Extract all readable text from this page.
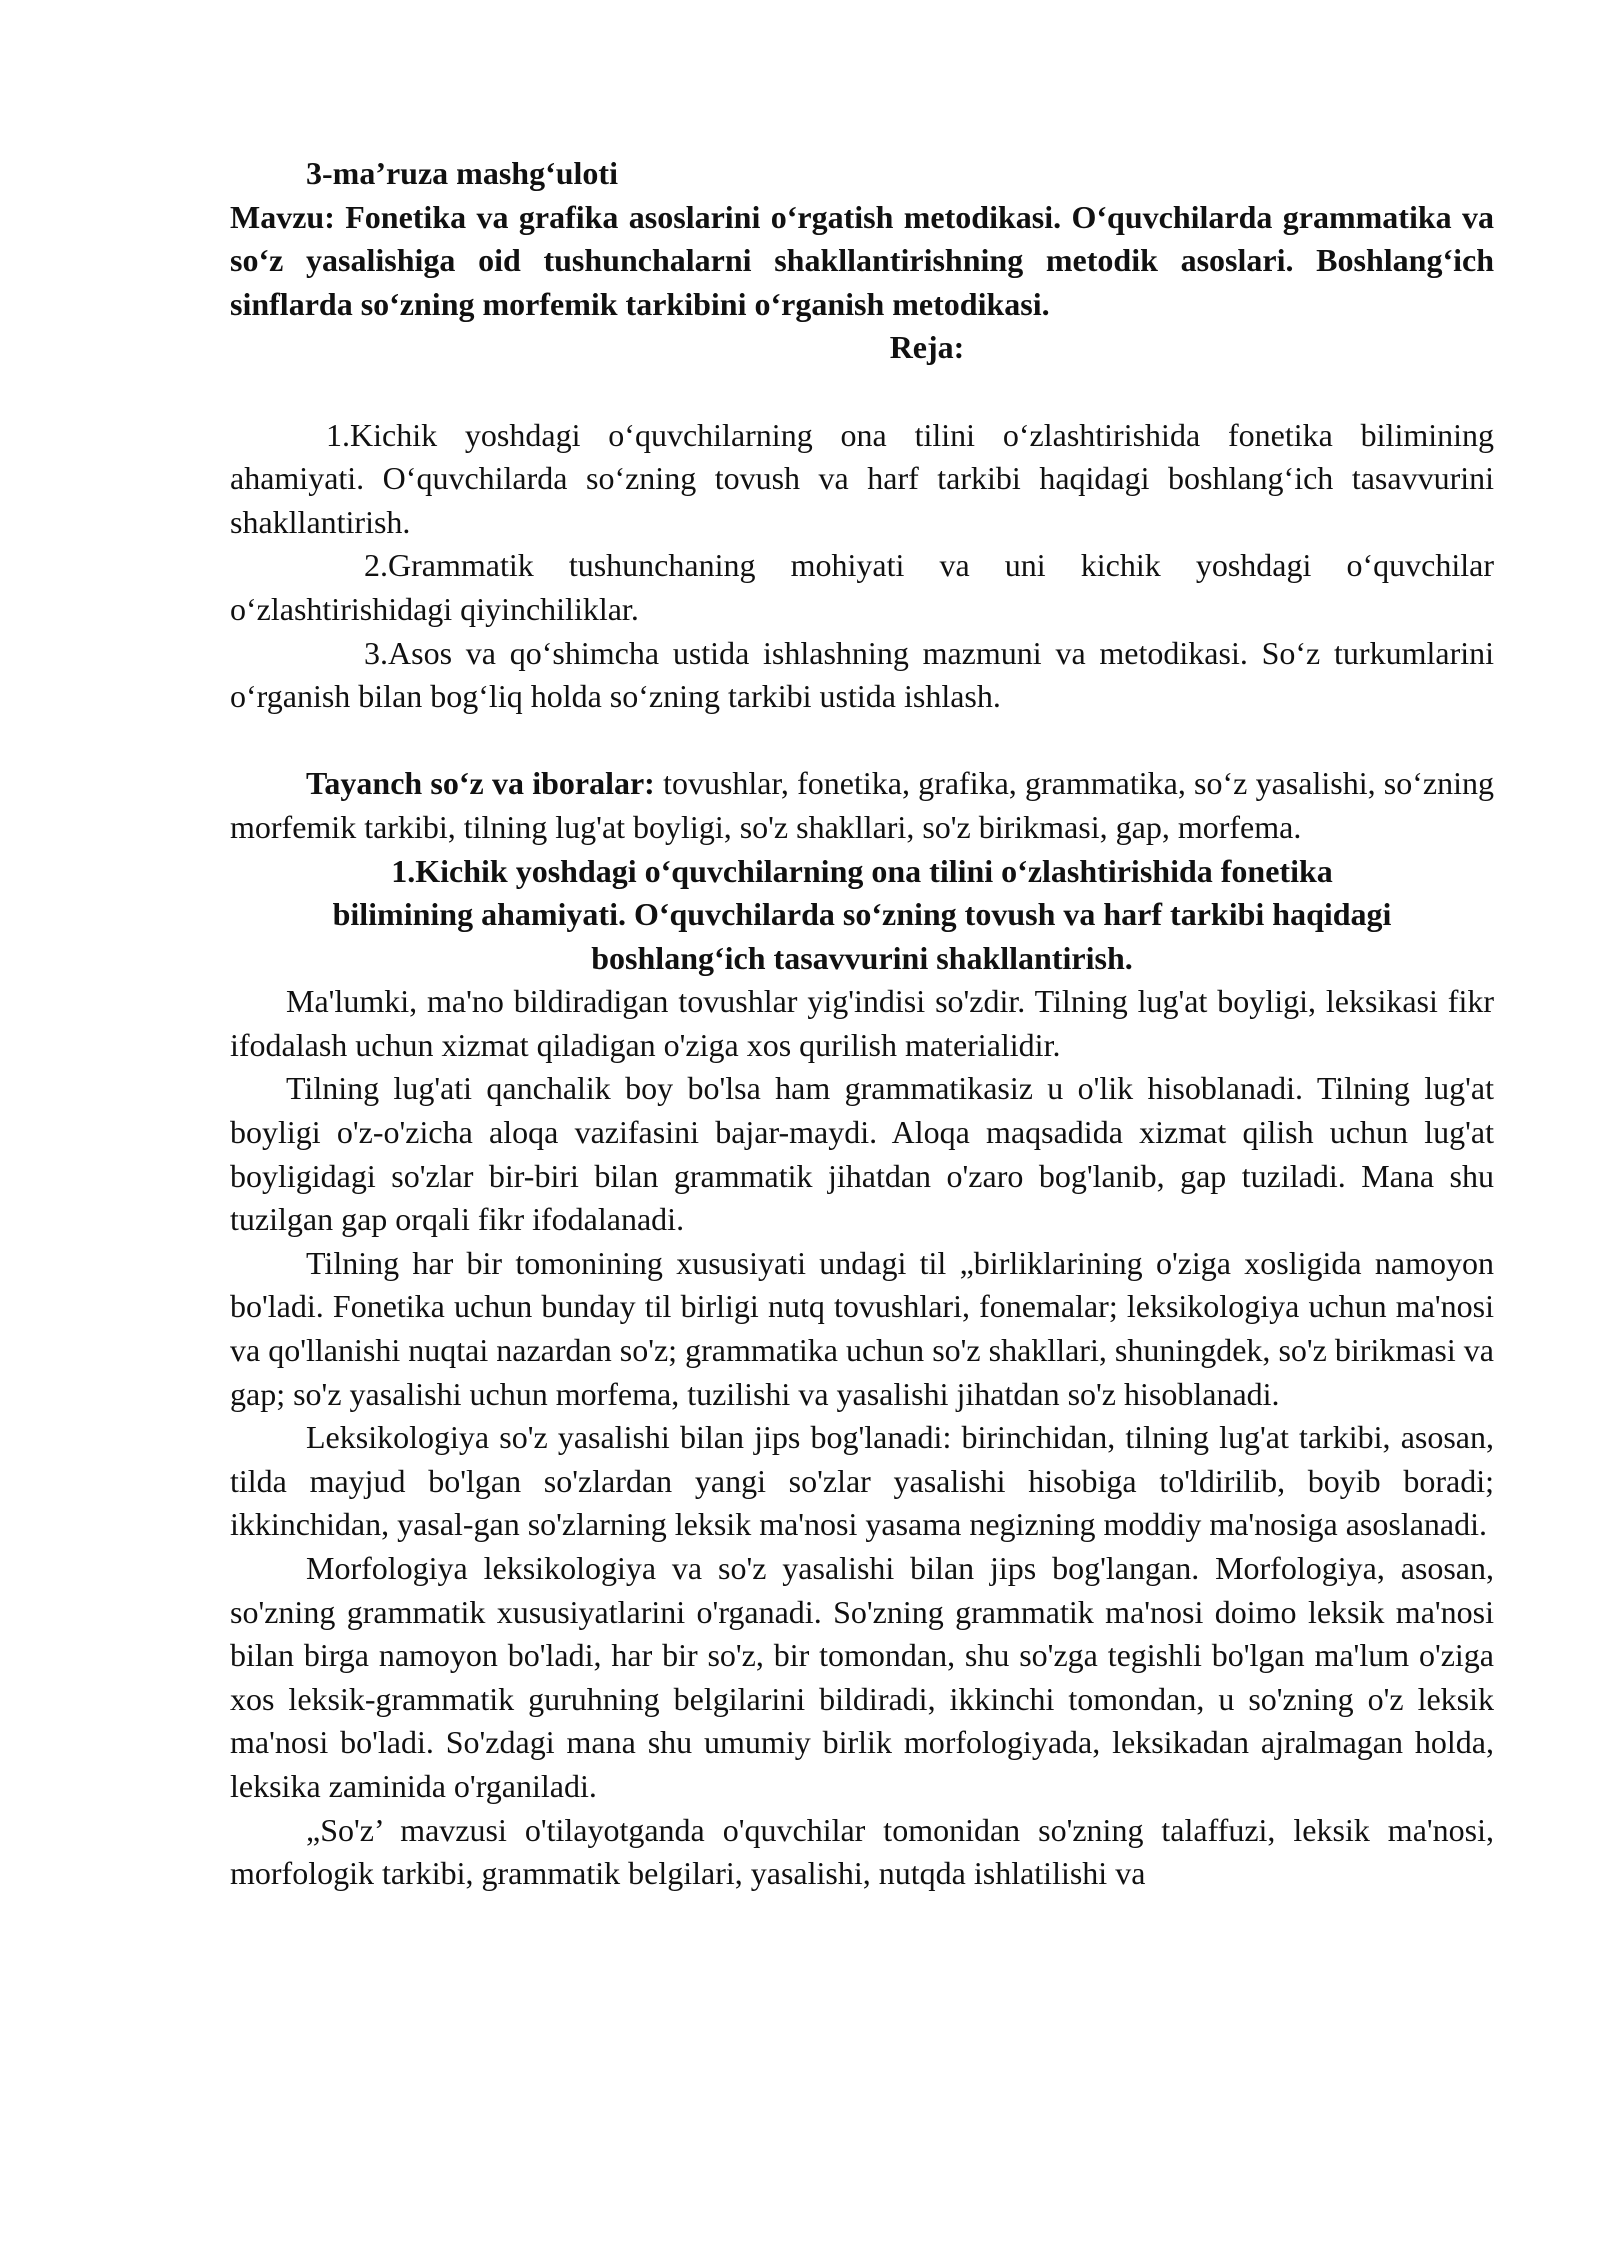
3-ma’ruza mashg‘uloti

Mavzu: Fonetika va grafika asoslarini o‘rgatish metodikasi. O‘quvchilarda grammatika va so‘z yasalishiga oid tushunchalarni shakllantirishning metodik asoslari. Boshlang‘ich sinflarda so‘zning morfemik tarkibini o‘rganish metodikasi.

Reja:

1.Kichik yoshdagi o‘quvchilarning ona tilini o‘zlashtirishida fonetika bilimining ahamiyati. O‘quvchilarda so‘zning tovush va harf tarkibi haqidagi boshlang‘ich tasavvurini shakllantirish.

2.Grammatik tushunchaning mohiyati va uni kichik yoshdagi o‘quvchilar o‘zlashtirishidagi qiyinchiliklar.

3.Asos va qo‘shimcha ustida ishlashning mazmuni va metodikasi. So‘z turkumlarini o‘rganish bilan bog‘liq holda so‘zning tarkibi ustida ishlash.

Tayanch so‘z va iboralar: tovushlar, fonetika, grafika, grammatika, so‘z yasalishi, so‘zning morfemik tarkibi, tilning lug'at boyligi, so'z shakllari, so'z birikmasi, gap, morfema.

1.Kichik yoshdagi o‘quvchilarning ona tilini o‘zlashtirishida fonetika
bilimining ahamiyati. O‘quvchilarda so‘zning tovush va harf tarkibi haqidagi
boshlang‘ich tasavvurini shakllantirish.

Ma'lumki, ma'no bildiradigan tovushlar yig'indisi so'zdir. Tilning lug'at boyligi, leksikasi fikr ifodalash uchun xizmat qiladigan o'ziga xos qurilish materialidir.

Tilning lug'ati qanchalik boy bo'lsa ham grammatikasiz u o'lik hisoblanadi. Tilning lug'at boyligi o'z-o'zicha aloqa vazifasini bajar-maydi. Aloqa maqsadida xizmat qilish uchun lug'at boyligidagi so'zlar bir-biri bilan grammatik jihatdan o'zaro bog'lanib, gap tuziladi. Mana shu tuzilgan gap orqali fikr ifodalanadi.

Tilning har bir tomonining xususiyati undagi til „birliklarining o'ziga xosligida namoyon bo'ladi. Fonetika uchun bunday til birligi nutq tovushlari, fonemalar; leksikologiya uchun ma'nosi va qo'llanishi nuqtai nazardan so'z; grammatika uchun so'z shakllari, shuningdek, so'z birikmasi va gap; so'z yasalishi uchun morfema, tuzilishi va yasalishi jihatdan so'z hisoblanadi.

Leksikologiya so'z yasalishi bilan jips bog'lanadi: birinchidan, tilning lug'at tarkibi, asosan, tilda mayjud bo'lgan so'zlardan yangi so'zlar yasalishi hisobiga to'ldirilib, boyib boradi; ikkinchidan, yasal-gan so'zlarning leksik ma'nosi yasama negizning moddiy ma'nosiga asoslanadi.

Morfologiya leksikologiya va so'z yasalishi bilan jips bog'langan. Morfologiya, asosan, so'zning grammatik xususiyatlarini o'rganadi. So'zning grammatik ma'nosi doimo leksik ma'nosi bilan birga namoyon bo'ladi, har bir so'z, bir tomondan, shu so'zga tegishli bo'lgan ma'lum o'ziga xos leksik-grammatik guruhning belgilarini bildiradi, ikkinchi tomondan, u so'zning o'z leksik ma'nosi bo'ladi. So'zdagi mana shu umumiy birlik morfologiyada, leksikadan ajralmagan holda, leksika zaminida o'rganiladi.

„So'z’ mavzusi o'tilayotganda o'quvchilar tomonidan so'zning talaffuzi, leksik ma'nosi, morfologik tarkibi, grammatik belgilari, yasalishi, nutqda ishlatilishi va
